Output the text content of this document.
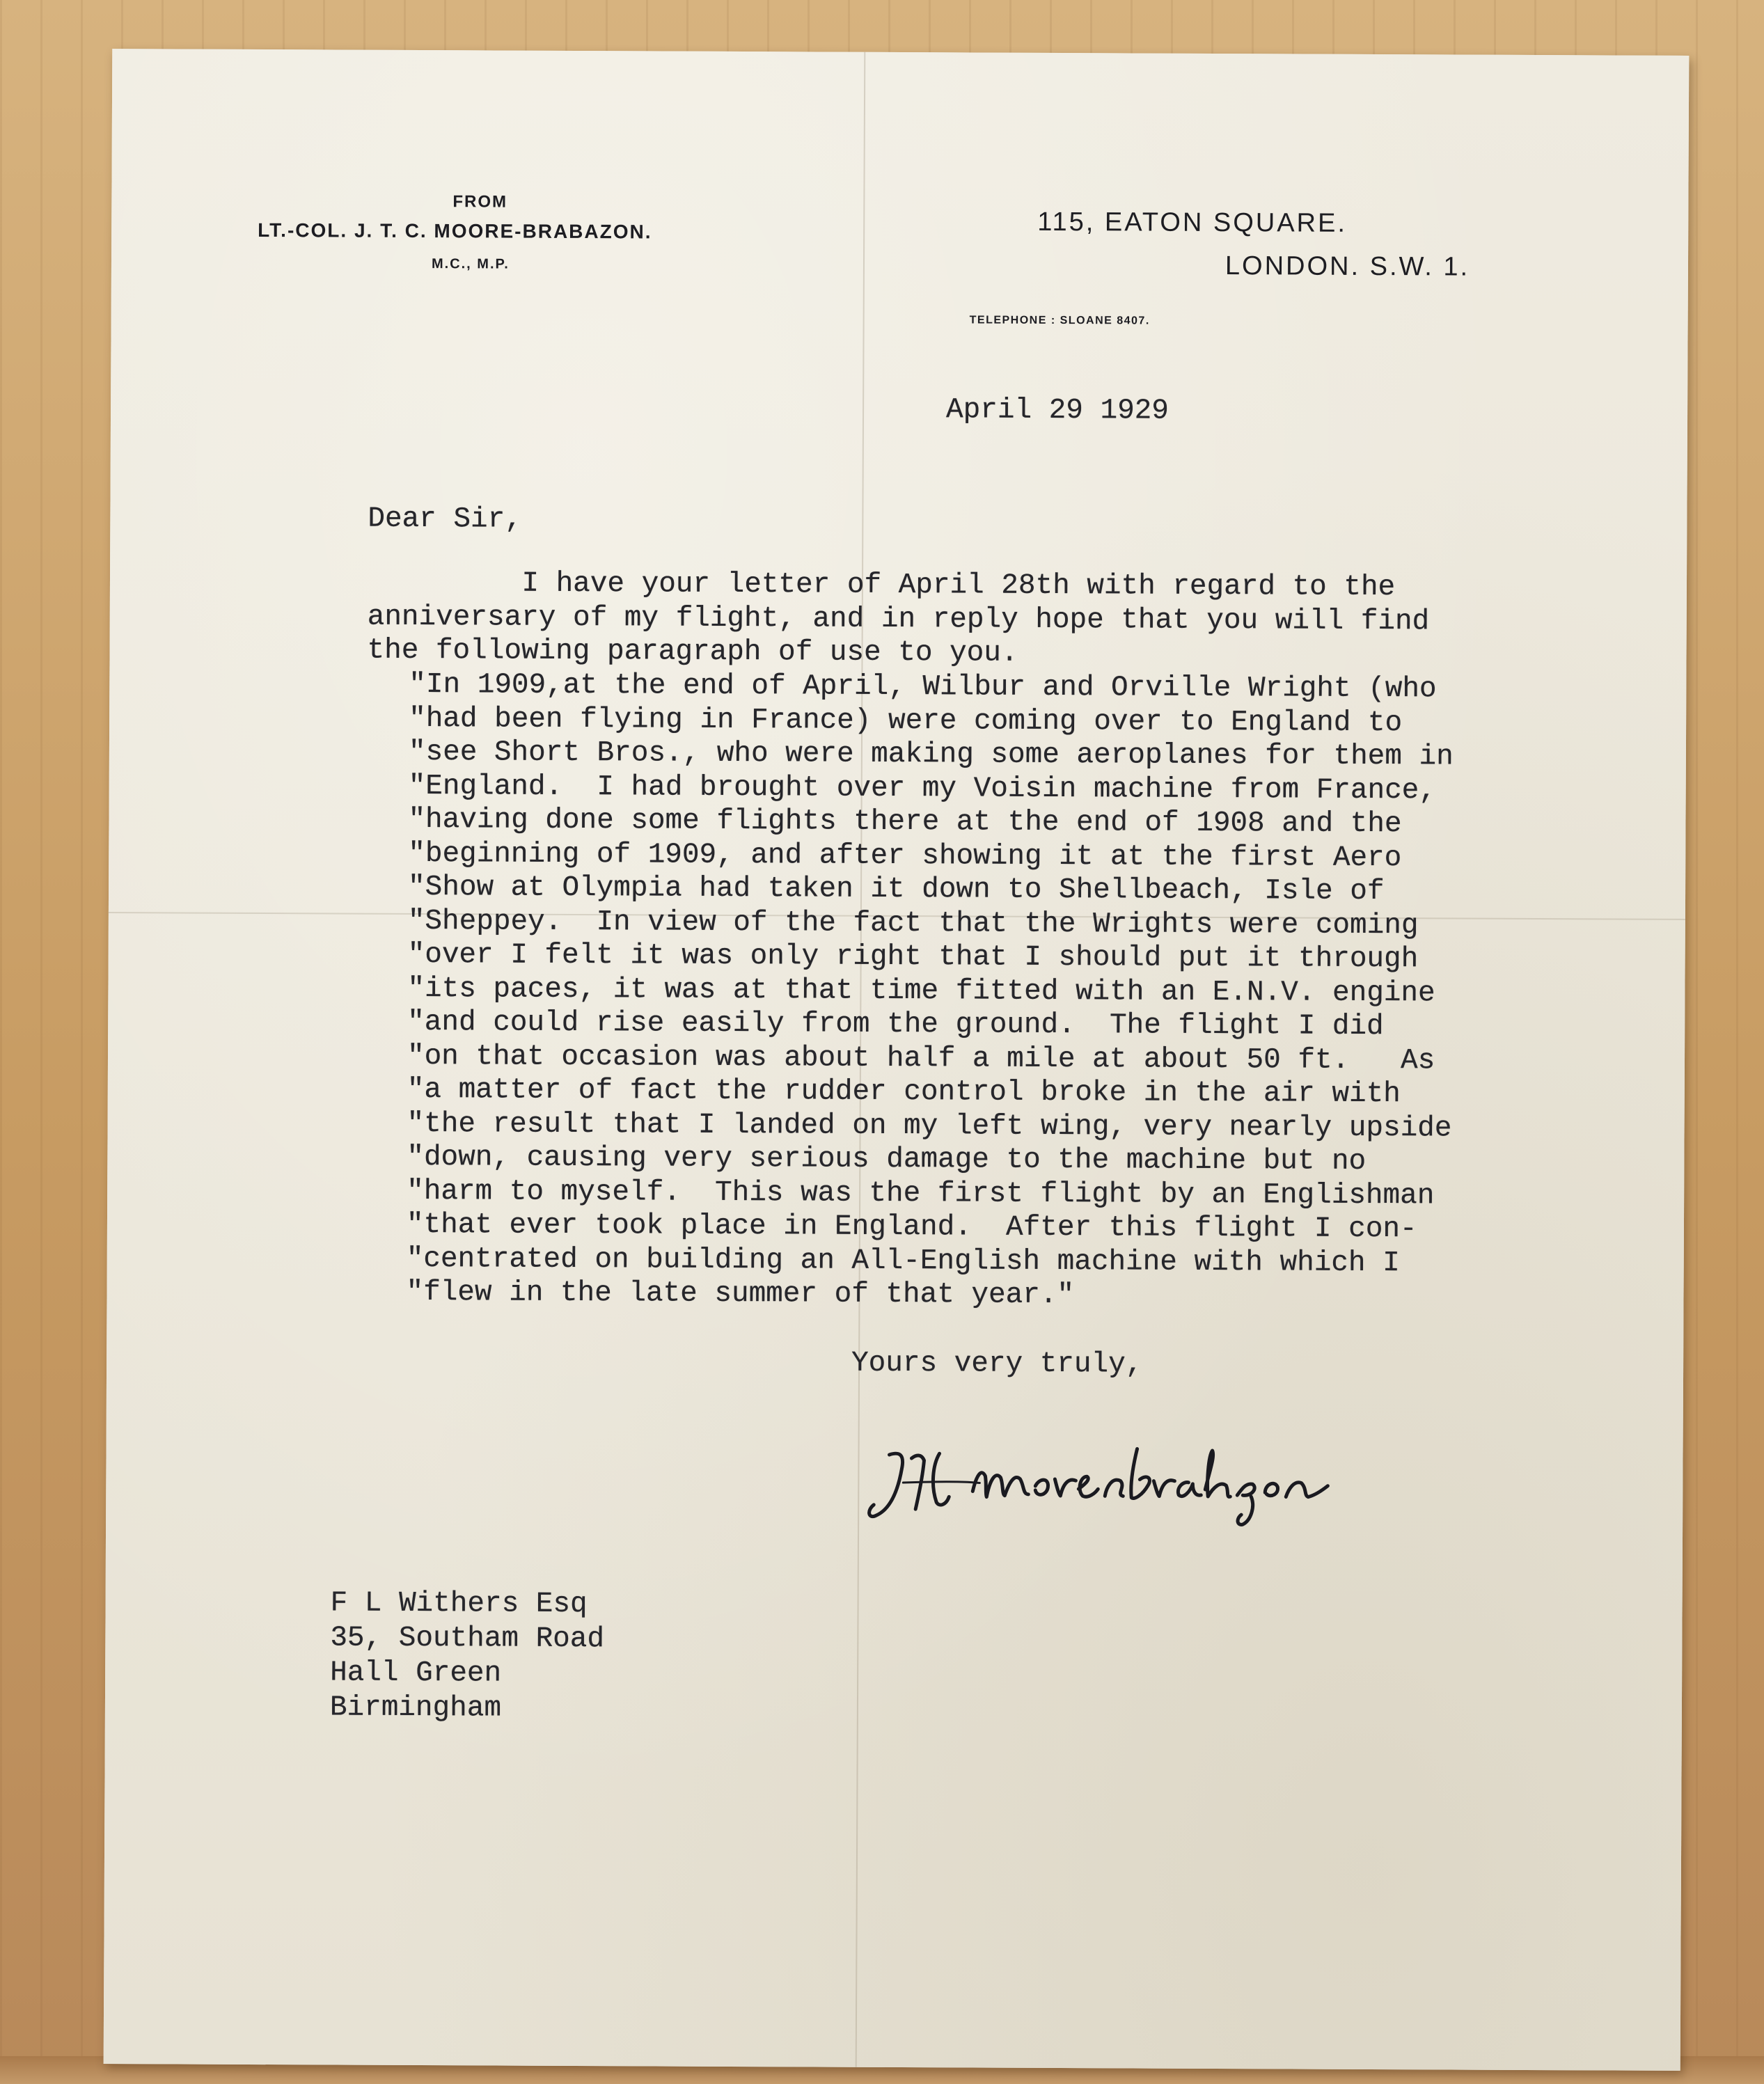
FROM
LT.-COL. J. T. C. MOORE-BRABAZON.
M.C., M.P.
115, EATON SQUARE.
LONDON. S.W. 1.
TELEPHONE : SLOANE 8407.
April 29 1929
Dear Sir,

I have your letter of April 28th with regard to the

anniversary of my flight, and in reply hope that you will find

the following paragraph of use to you.

"In 1909,at the end of April, Wilbur and Orville Wright (who

"had been flying in France) were coming over to England to

"see Short Bros., who were making some aeroplanes for them in

"England.  I had brought over my Voisin machine from France,

"having done some flights there at the end of 1908 and the

"beginning of 1909, and after showing it at the first Aero

"Show at Olympia had taken it down to Shellbeach, Isle of

"Sheppey.  In view of the fact that the Wrights were coming

"over I felt it was only right that I should put it through

"its paces, it was at that time fitted with an E.N.V. engine

"and could rise easily from the ground.  The flight I did

"on that occasion was about half a mile at about 50 ft.   As

"a matter of fact the rudder control broke in the air with

"the result that I landed on my left wing, very nearly upside

"down, causing very serious damage to the machine but no

"harm to myself.  This was the first flight by an Englishman

"that ever took place in England.  After this flight I con-

"centrated on building an All-English machine with which I

"flew in the late summer of that year."

Yours very truly,

F L Withers Esq

35, Southam Road

Hall Green

Birmingham
